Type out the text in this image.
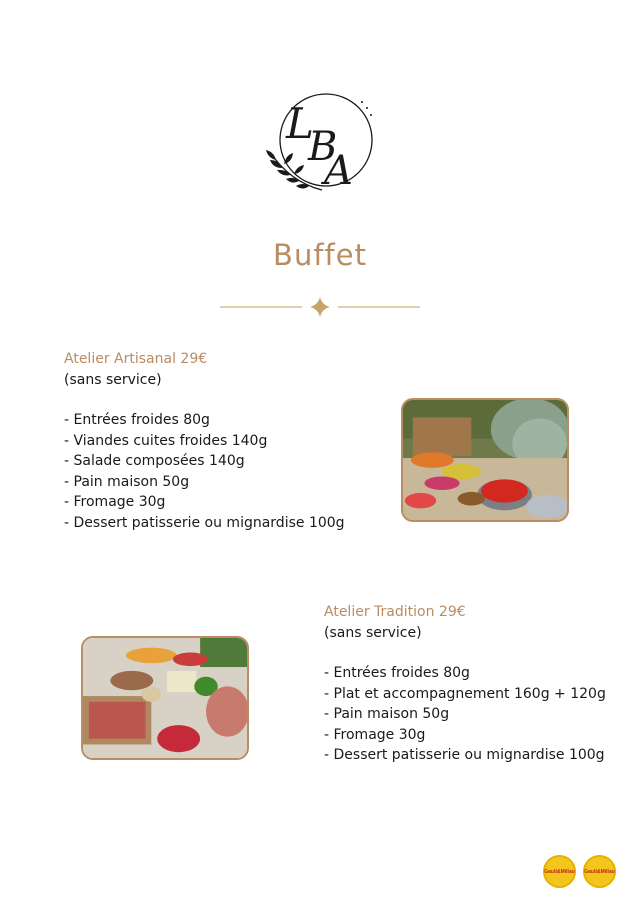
L
B
A
Buffet
Atelier Artisanal 29€
(sans service)
- Entrées froides 80g
- Viandes cuites froides 140g
- Salade composées 140g
- Pain maison 50g
- Fromage 30g
- Dessert patisserie ou mignardise 100g
Atelier Tradition 29€
(sans service)
- Entrées froides 80g
- Plat et accompagnement 160g + 120g
- Pain maison 50g
- Fromage 30g
- Dessert patisserie ou mignardise 100g
Gault&Millau Gault&Millau
